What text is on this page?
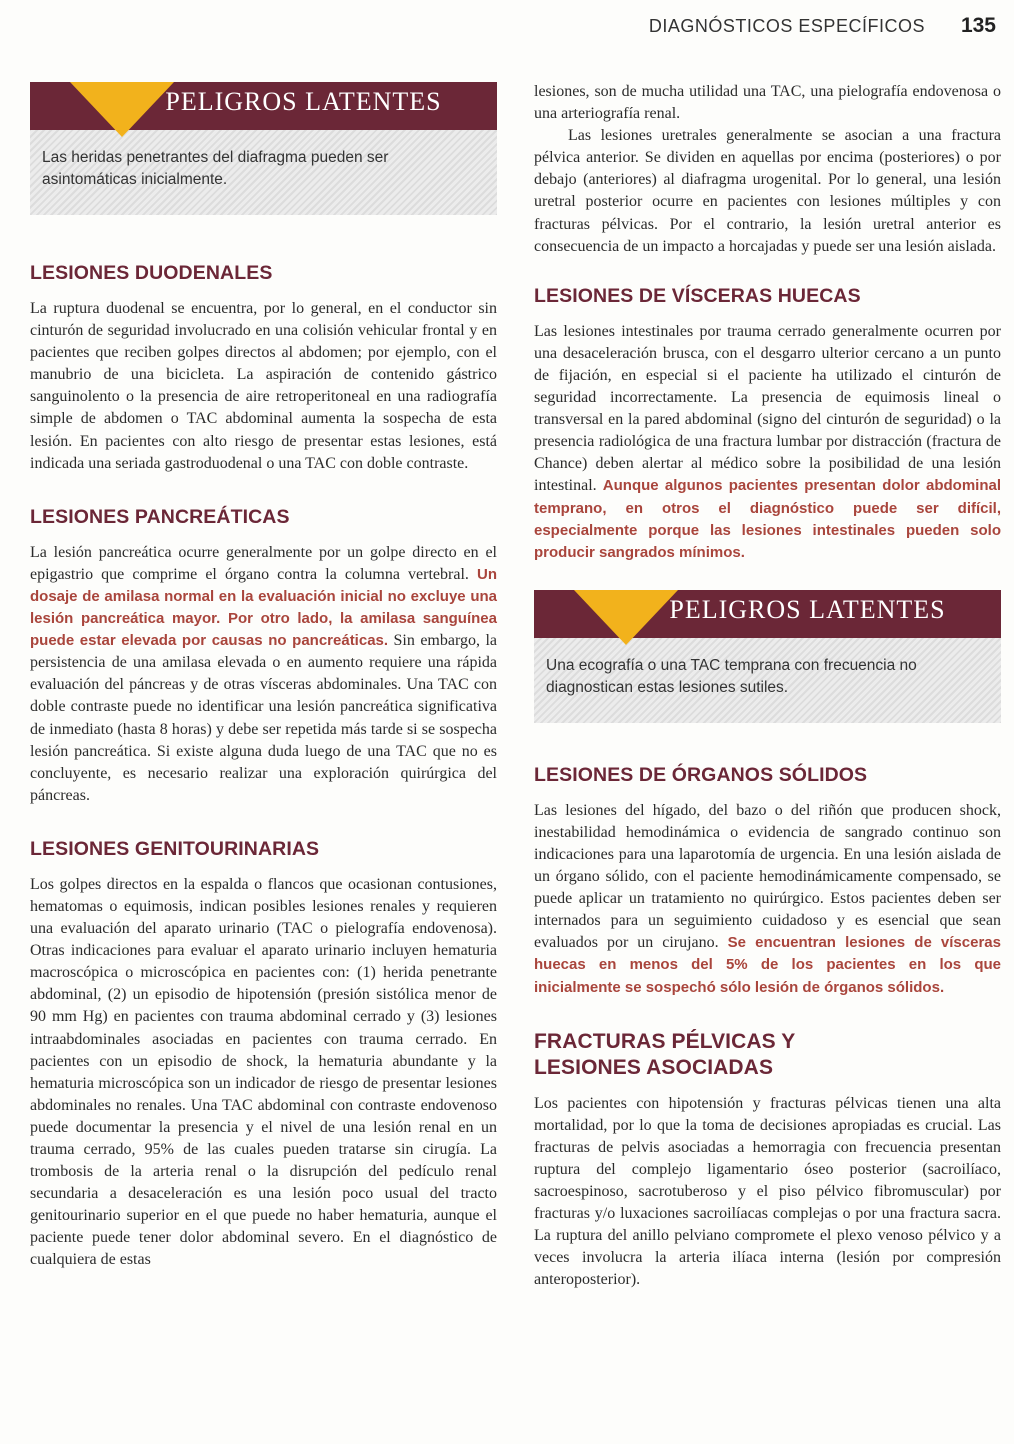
DIAGNÓSTICOS ESPECÍFICOS 135
PELIGROS LATENTES
Las heridas penetrantes del diafragma pueden ser asintomáticas inicialmente.
LESIONES DUODENALES

La ruptura duodenal se encuentra, por lo general, en el conductor sin cinturón de seguridad involucrado en una colisión vehicular frontal y en pacientes que reciben golpes directos al abdomen; por ejemplo, con el manubrio de una bicicleta. La aspiración de contenido gástrico sanguinolento o la presencia de aire retroperitoneal en una radiografía simple de abdomen o TAC abdominal aumenta la sospecha de esta lesión. En pacientes con alto riesgo de presentar estas lesiones, está indicada una seriada gastroduodenal o una TAC con doble contraste.

LESIONES PANCREÁTICAS

La lesión pancreática ocurre generalmente por un golpe directo en el epigastrio que comprime el órgano contra la columna vertebral. Un dosaje de amilasa normal en la evaluación inicial no excluye una lesión pancreática mayor. Por otro lado, la amilasa sanguínea puede estar elevada por causas no pancreáticas. Sin embargo, la persistencia de una amilasa elevada o en aumento requiere una rápida evaluación del páncreas y de otras vísceras abdominales. Una TAC con doble contraste puede no identificar una lesión pancreática significativa de inmediato (hasta 8 horas) y debe ser repetida más tarde si se sospecha lesión pancreática. Si existe alguna duda luego de una TAC que no es concluyente, es necesario realizar una exploración quirúrgica del páncreas.

LESIONES GENITOURINARIAS

Los golpes directos en la espalda o flancos que ocasionan contusiones, hematomas o equimosis, indican posibles lesiones renales y requieren una evaluación del aparato urinario (TAC o pielografía endovenosa). Otras indicaciones para evaluar el aparato urinario incluyen hematuria macroscópica o microscópica en pacientes con: (1) herida penetrante abdominal, (2) un episodio de hipotensión (presión sistólica menor de 90 mm Hg) en pacientes con trauma abdominal cerrado y (3) lesiones intraabdominales asociadas en pacientes con trauma cerrado. En pacientes con un episodio de shock, la hematuria abundante y la hematuria microscópica son un indicador de riesgo de presentar lesiones abdominales no renales. Una TAC abdominal con contraste endovenoso puede documentar la presencia y el nivel de una lesión renal en un trauma cerrado, 95% de las cuales pueden tratarse sin cirugía. La trombosis de la arteria renal o la disrupción del pedículo renal secundaria a desaceleración es una lesión poco usual del tracto genitourinario superior en el que puede no haber hematuria, aunque el paciente puede tener dolor abdominal severo. En el diagnóstico de cualquiera de estas

lesiones, son de mucha utilidad una TAC, una pielografía endovenosa o una arteriografía renal.

Las lesiones uretrales generalmente se asocian a una fractura pélvica anterior. Se dividen en aquellas por encima (posteriores) o por debajo (anteriores) al diafragma urogenital. Por lo general, una lesión uretral posterior ocurre en pacientes con lesiones múltiples y con fracturas pélvicas. Por el contrario, la lesión uretral anterior es consecuencia de un impacto a horcajadas y puede ser una lesión aislada.

LESIONES DE VÍSCERAS HUECAS

Las lesiones intestinales por trauma cerrado generalmente ocurren por una desaceleración brusca, con el desgarro ulterior cercano a un punto de fijación, en especial si el paciente ha utilizado el cinturón de seguridad incorrectamente. La presencia de equimosis lineal o transversal en la pared abdominal (signo del cinturón de seguridad) o la presencia radiológica de una fractura lumbar por distracción (fractura de Chance) deben alertar al médico sobre la posibilidad de una lesión intestinal. Aunque algunos pacientes presentan dolor abdominal temprano, en otros el diagnóstico puede ser difícil, especialmente porque las lesiones intestinales pueden solo producir sangrados mínimos.

PELIGROS LATENTES
Una ecografía o una TAC temprana con frecuencia no diagnostican estas lesiones sutiles.
LESIONES DE ÓRGANOS SÓLIDOS

Las lesiones del hígado, del bazo o del riñón que producen shock, inestabilidad hemodinámica o evidencia de sangrado continuo son indicaciones para una laparotomía de urgencia. En una lesión aislada de un órgano sólido, con el paciente hemodinámicamente compensado, se puede aplicar un tratamiento no quirúrgico. Estos pacientes deben ser internados para un seguimiento cuidadoso y es esencial que sean evaluados por un cirujano. Se encuentran lesiones de vísceras huecas en menos del 5% de los pacientes en los que inicialmente se sospechó sólo lesión de órganos sólidos.

FRACTURAS PÉLVICAS Y LESIONES ASOCIADAS

Los pacientes con hipotensión y fracturas pélvicas tienen una alta mortalidad, por lo que la toma de decisiones apropiadas es crucial. Las fracturas de pelvis asociadas a hemorragia con frecuencia presentan ruptura del complejo ligamentario óseo posterior (sacroilíaco, sacroespinoso, sacrotuberoso y el piso pélvico fibromuscular) por fracturas y/o luxaciones sacroilíacas complejas o por una fractura sacra. La ruptura del anillo pelviano compromete el plexo venoso pélvico y a veces involucra la arteria ilíaca interna (lesión por compresión anteroposterior).
